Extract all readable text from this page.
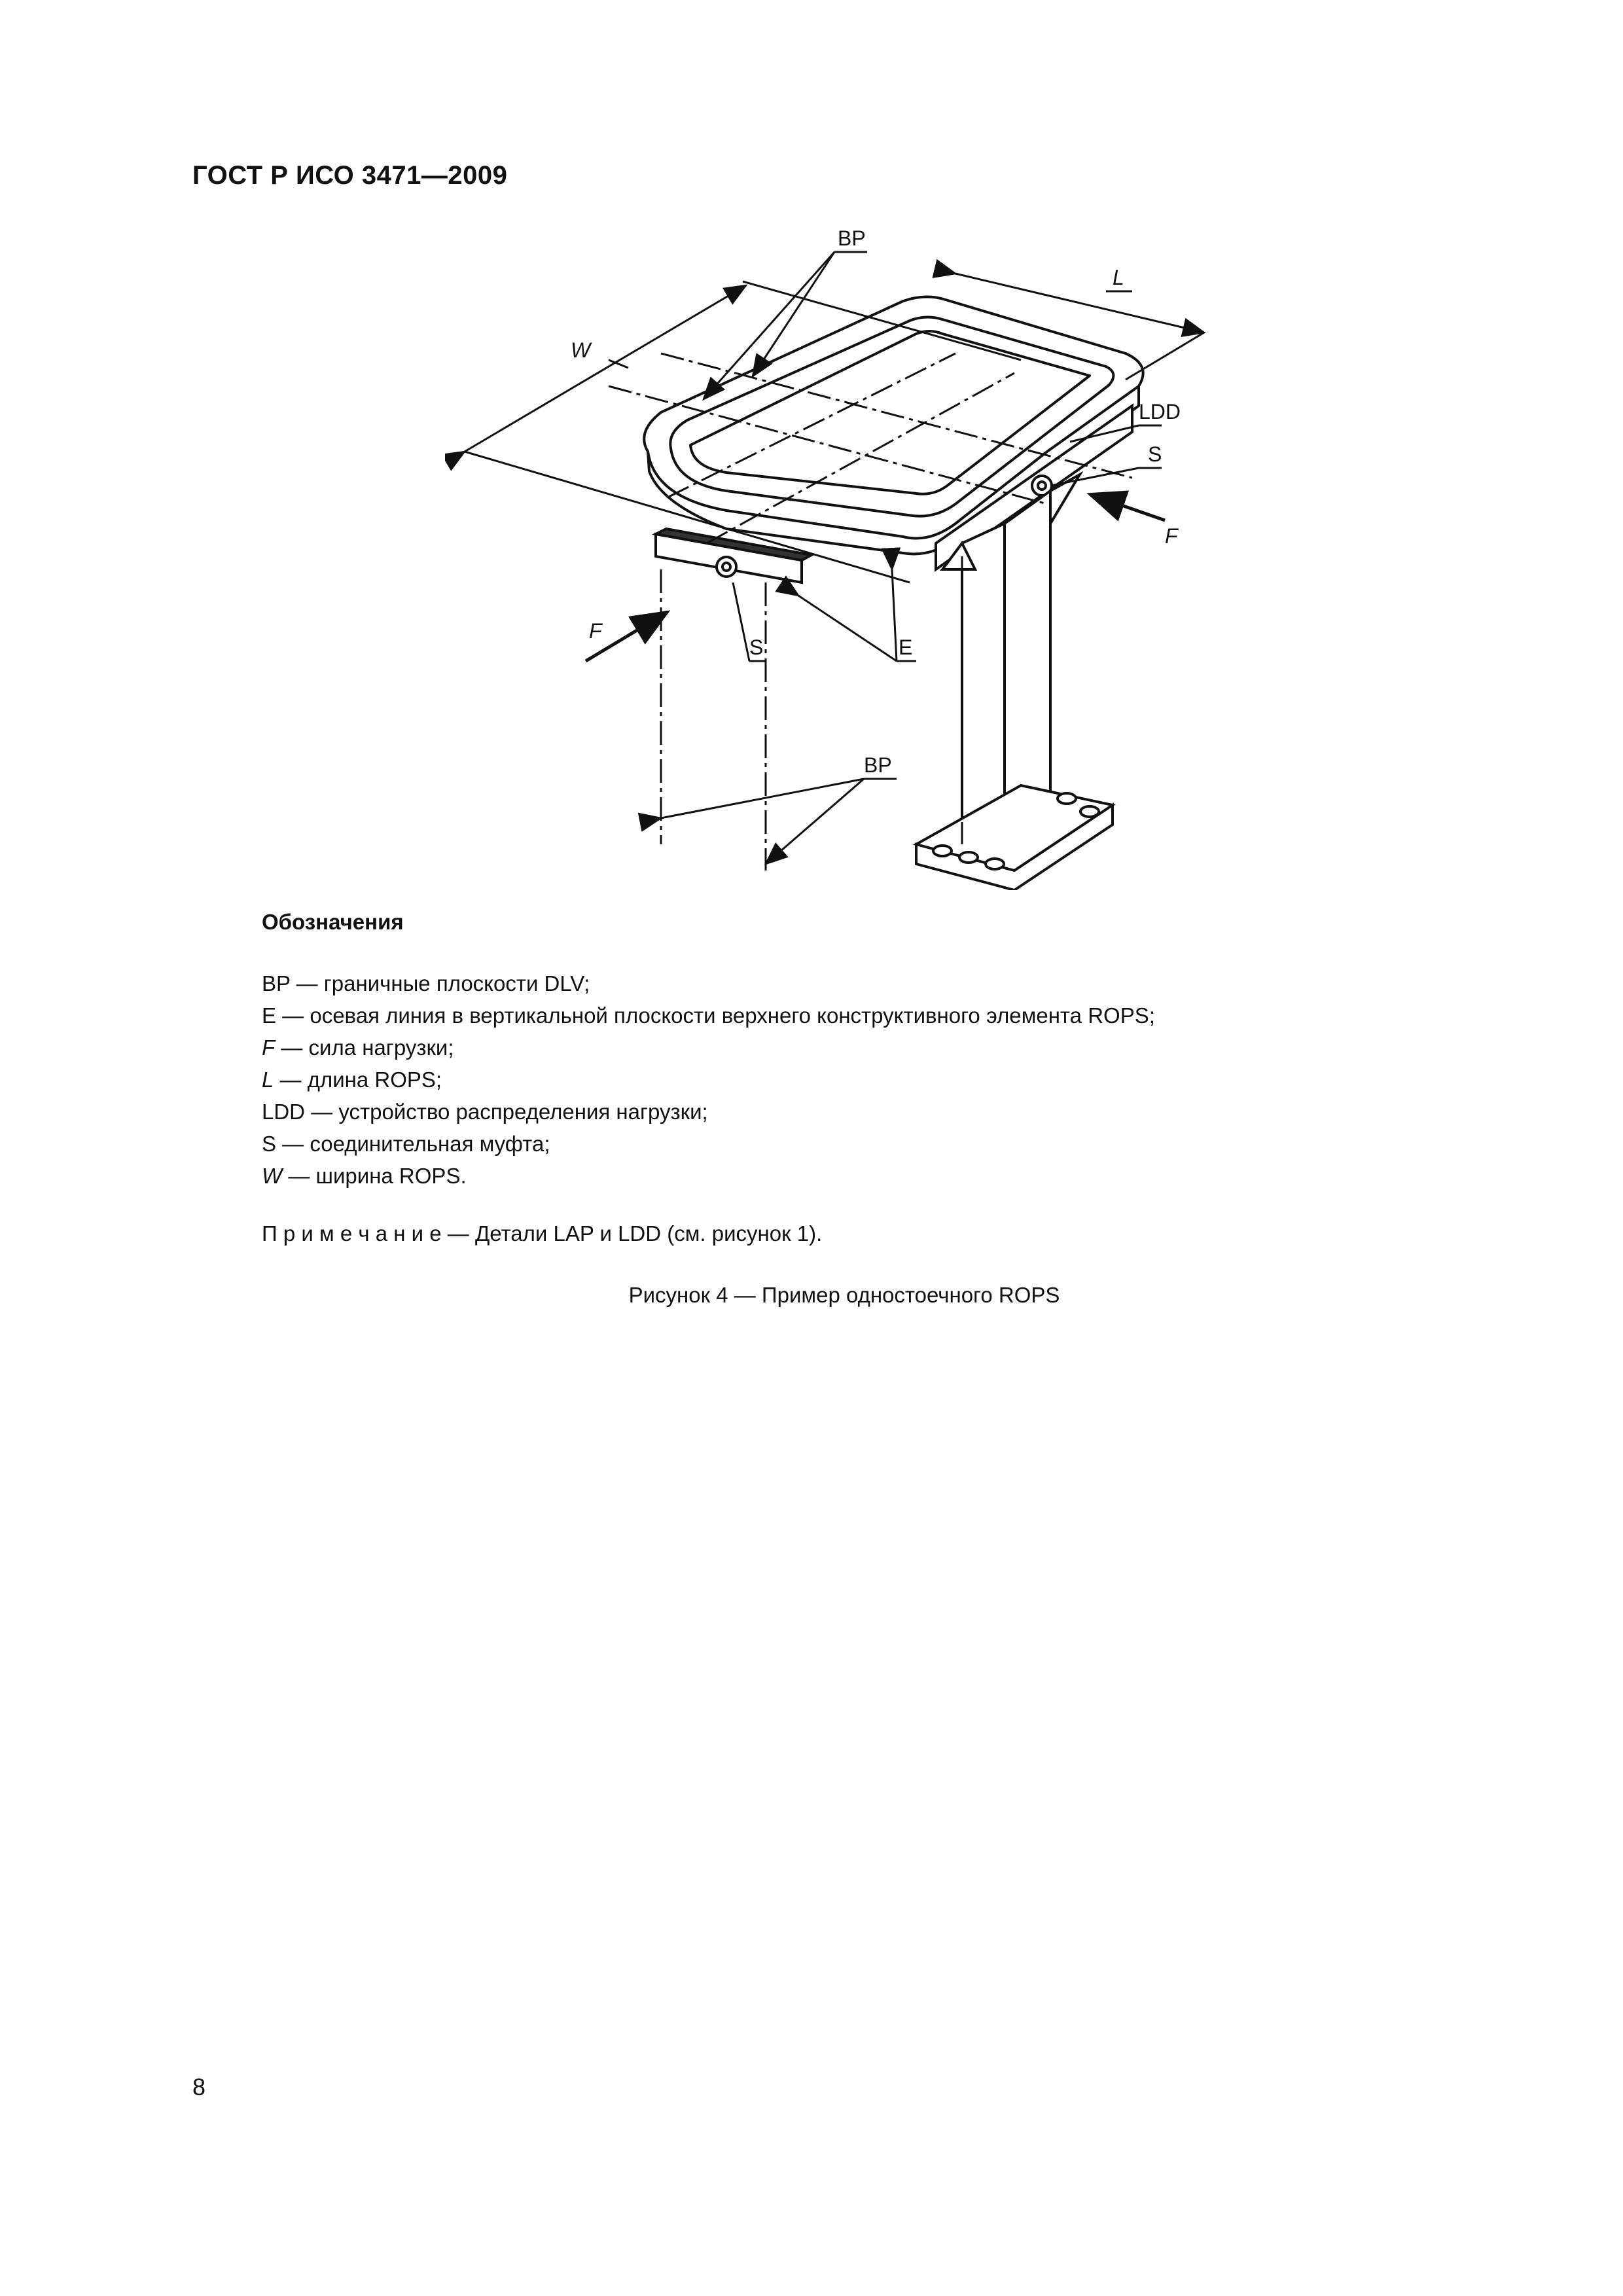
ГОСТ Р ИСО 3471—2009
BP
L
W
LDD
S
F
F
S	E
BP
Обозначения
BP — граничные плоскости DLV;
E — осевая линия в вертикальной плоскости верхнего конструктивного элемента ROPS;
F — сила нагрузки;
L — длина ROPS;
LDD — устройство распределения нагрузки;
S — соединительная муфта;
W — ширина ROPS.
П р и м е ч а н и е — Детали LAP и LDD (см. рисунок 1).
Рисунок 4 — Пример одностоечного ROPS
8
